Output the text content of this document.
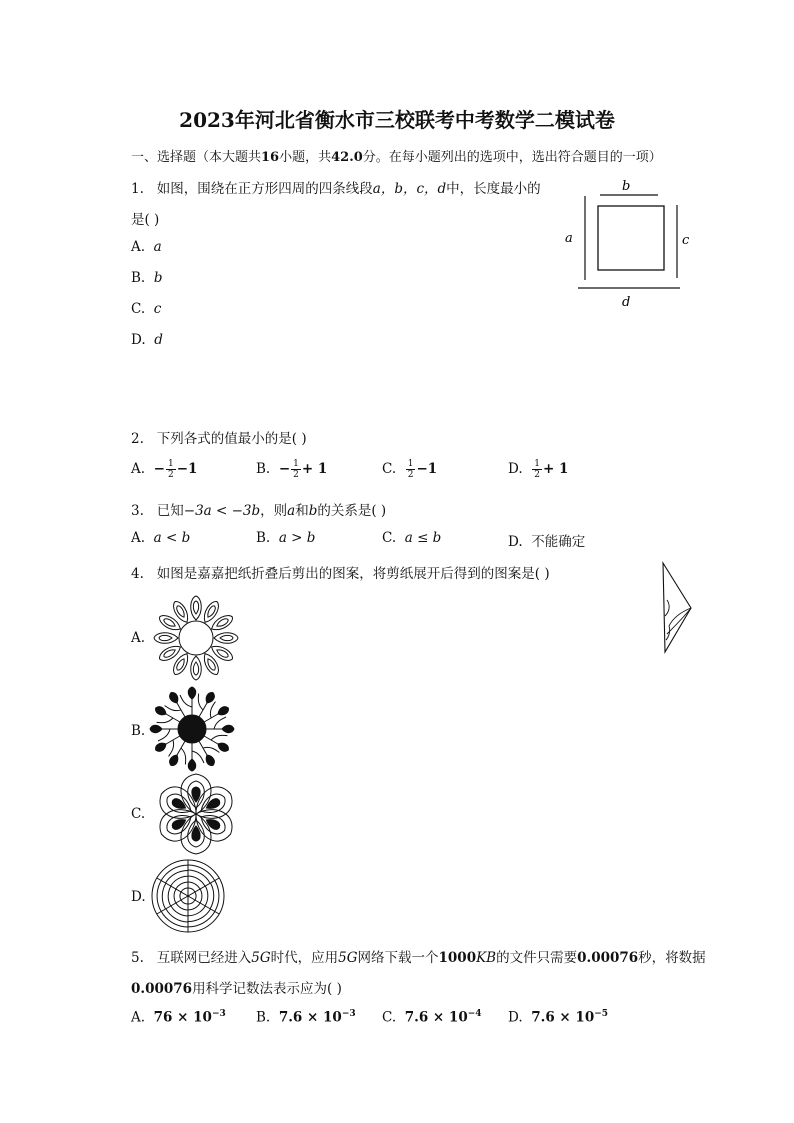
2023年河北省衡水市三校联考中考数学二模试卷
一、选择题（本大题共16小题，共42.0分。在每小题列出的选项中，选出符合题目的一项）
1. 如图，围绕在正方形四周的四条线段a，b，c，d中，长度最小的
是( )
A. a
B. b
C. c
D. d
b
a	c
d
2. 下列各式的值最小的是( )
A. − $\frac{1}{2} -1$	B. − $\frac{1}{2} + 1$	C. $\frac{1}{2} -1$	D. $\frac{1}{2} + 1$
3. 已知−3a < −3b，则a和b的关系是( )
A. a < b	B. a > b	C. a ≤ b	D. 不能确定
4. 如图是嘉嘉把纸折叠后剪出的图案，将剪纸展开后得到的图案是( )
A.
B.
C.
D.
5. 互联网已经进入5G时代，应用5G网络下载一个1000KB的文件只需要0.00076秒，将数据
0.00076用科学记数法表示应为( )
A. $76 \times 10^{-3}$ B. $7.6 \times 10^{-3}$ C. $7.6 \times 10^{-4}$ D. $7.6 \times 10^{-5}$
